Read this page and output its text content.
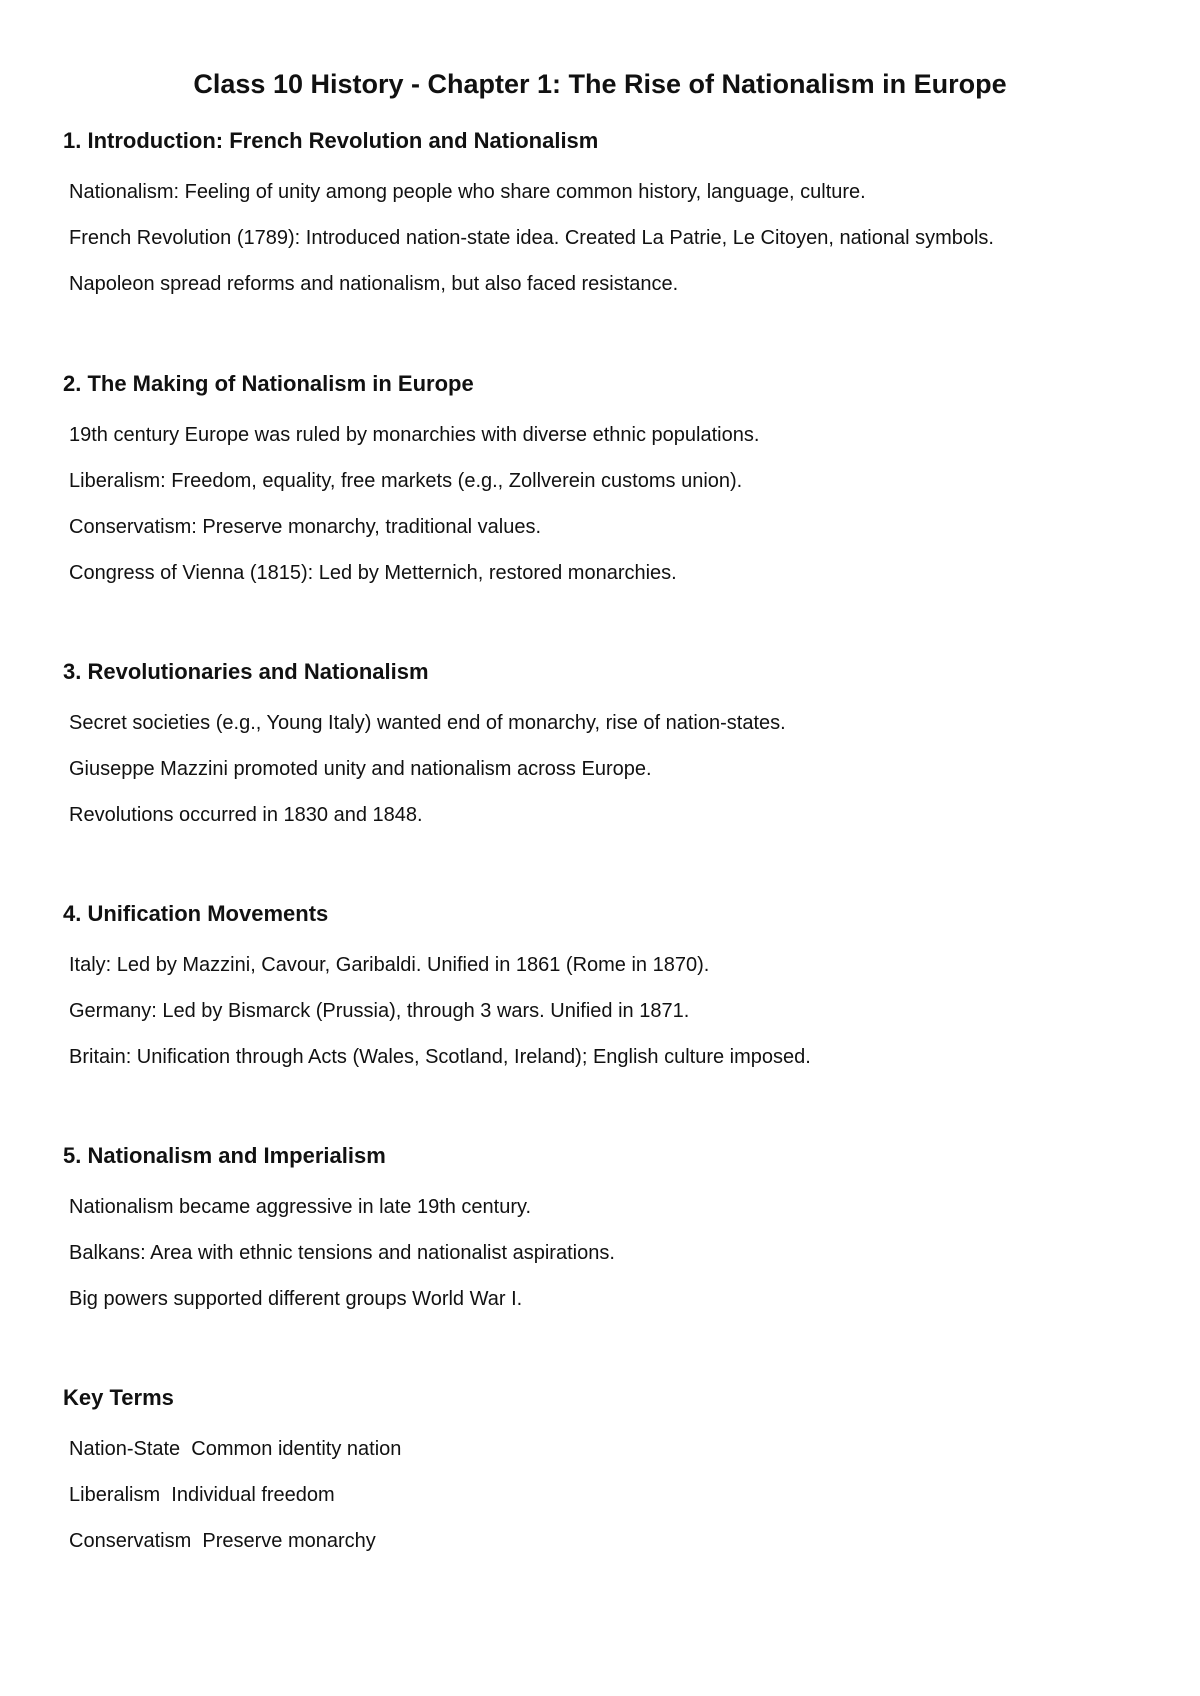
Class 10 History - Chapter 1: The Rise of Nationalism in Europe
1. Introduction: French Revolution and Nationalism
Nationalism: Feeling of unity among people who share common history, language, culture.
French Revolution (1789): Introduced nation-state idea. Created La Patrie, Le Citoyen, national symbols.
Napoleon spread reforms and nationalism, but also faced resistance.
2. The Making of Nationalism in Europe
19th century Europe was ruled by monarchies with diverse ethnic populations.
Liberalism: Freedom, equality, free markets (e.g., Zollverein customs union).
Conservatism: Preserve monarchy, traditional values.
Congress of Vienna (1815): Led by Metternich, restored monarchies.
3. Revolutionaries and Nationalism
Secret societies (e.g., Young Italy) wanted end of monarchy, rise of nation-states.
Giuseppe Mazzini promoted unity and nationalism across Europe.
Revolutions occurred in 1830 and 1848.
4. Unification Movements
Italy: Led by Mazzini, Cavour, Garibaldi. Unified in 1861 (Rome in 1870).
Germany: Led by Bismarck (Prussia), through 3 wars. Unified in 1871.
Britain: Unification through Acts (Wales, Scotland, Ireland); English culture imposed.
5. Nationalism and Imperialism
Nationalism became aggressive in late 19th century.
Balkans: Area with ethnic tensions and nationalist aspirations.
Big powers supported different groups World War I.
Key Terms
Nation-State Common identity nation
Liberalism Individual freedom
Conservatism Preserve monarchy
